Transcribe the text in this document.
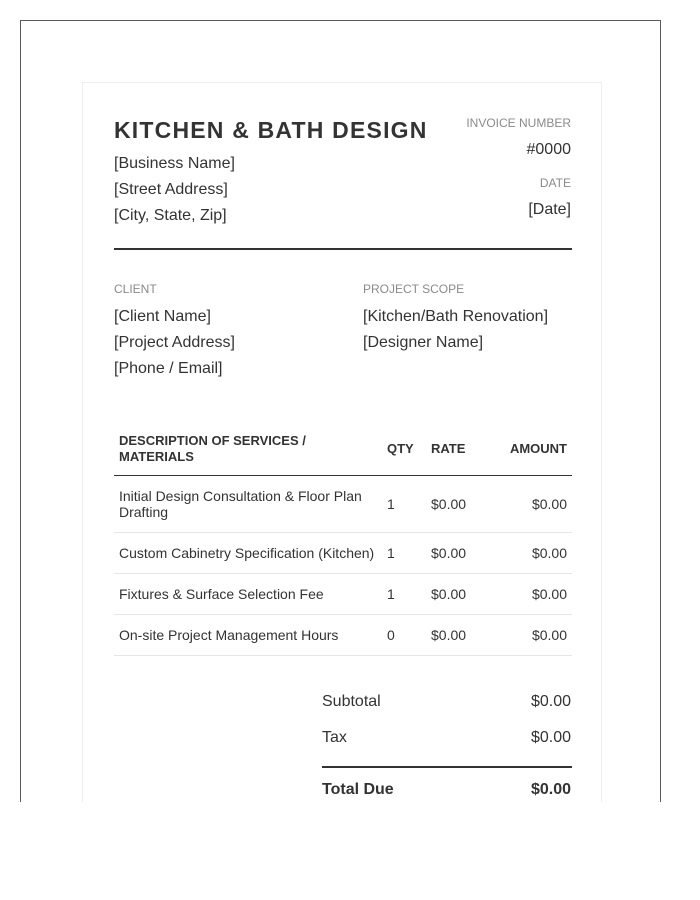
KITCHEN & BATH DESIGN
[Business Name]
[Street Address]
[City, State, Zip]
INVOICE NUMBER
#0000
DATE
[Date]
CLIENT
[Client Name]
[Project Address]
[Phone / Email]
PROJECT SCOPE
[Kitchen/Bath Renovation]
[Designer Name]
DESCRIPTION OF SERVICES / MATERIALS	QTY	RATE	AMOUNT
Initial Design Consultation & Floor Plan Drafting	1	$0.00	$0.00
Custom Cabinetry Specification (Kitchen)	1	$0.00	$0.00
Fixtures & Surface Selection Fee	1	$0.00	$0.00
On-site Project Management Hours	0	$0.00	$0.00
Subtotal	$0.00
Tax	$0.00
Total Due	$0.00
